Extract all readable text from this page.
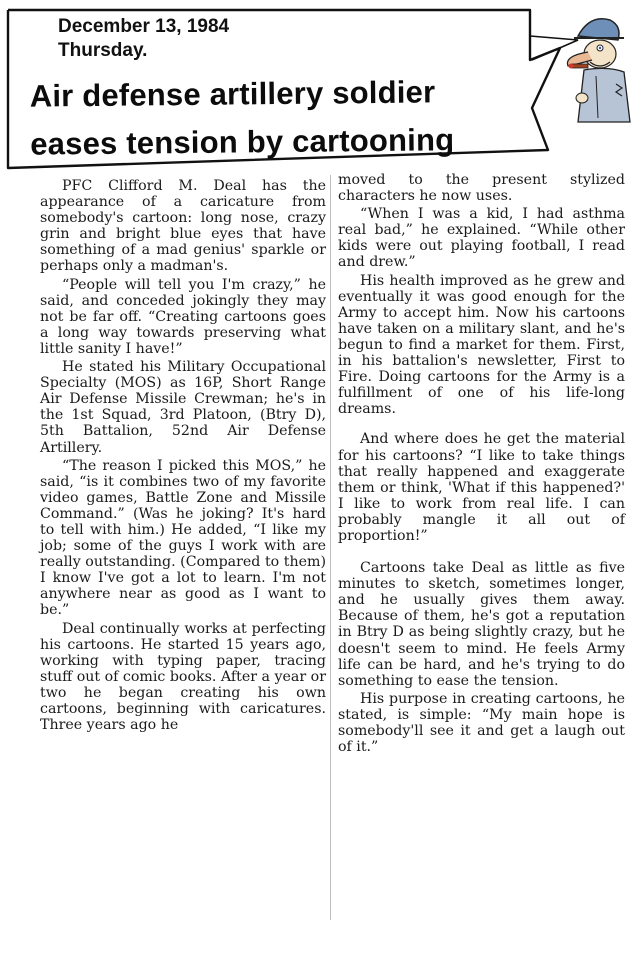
December 13, 1984
Thursday.
Air defense artillery soldier
eases tension by cartooning

PFC Clifford M. Deal has the appearance of a caricature from somebody's cartoon: long nose, crazy grin and bright blue eyes that have something of a mad genius' sparkle or perhaps only a madman's.

“People will tell you I'm crazy,” he said, and conceded jokingly they may not be far off. “Creating cartoons goes a long way towards preserving what little sanity I have!”

He stated his Military Occupational Specialty (MOS) as 16P, Short Range Air Defense Missile Crewman; he's in the 1st Squad, 3rd Platoon, (Btry D), 5th Battalion, 52nd Air Defense Artillery.

“The reason I picked this MOS,” he said, “is it combines two of my favorite video games, Battle Zone and Missile Command.” (Was he joking? It's hard to tell with him.) He added, “I like my job; some of the guys I work with are really outstanding. (Compared to them) I know I've got a lot to learn. I'm not anywhere near as good as I want to be.”

Deal continually works at perfecting his cartoons. He started 15 years ago, working with typing paper, tracing stuff out of comic books. After a year or two he began creating his own cartoons, beginning with caricatures. Three years ago he

moved to the present stylized characters he now uses.

“When I was a kid, I had asthma real bad,” he explained. “While other kids were out playing football, I read and drew.”

His health improved as he grew and eventually it was good enough for the Army to accept him. Now his cartoons have taken on a military slant, and he's begun to find a market for them. First, in his battalion's newsletter, First to Fire. Doing cartoons for the Army is a fulfillment of one of his life-long dreams.

And where does he get the material for his cartoons? “I like to take things that really happened and exaggerate them or think, 'What if this happened?' I like to work from real life. I can probably mangle it all out of proportion!”

Cartoons take Deal as little as five minutes to sketch, sometimes longer, and he usually gives them away. Because of them, he's got a reputation in Btry D as being slightly crazy, but he doesn't seem to mind. He feels Army life can be hard, and he's trying to do something to ease the tension.

His purpose in creating cartoons, he stated, is simple: “My main hope is somebody'll see it and get a laugh out of it.”
